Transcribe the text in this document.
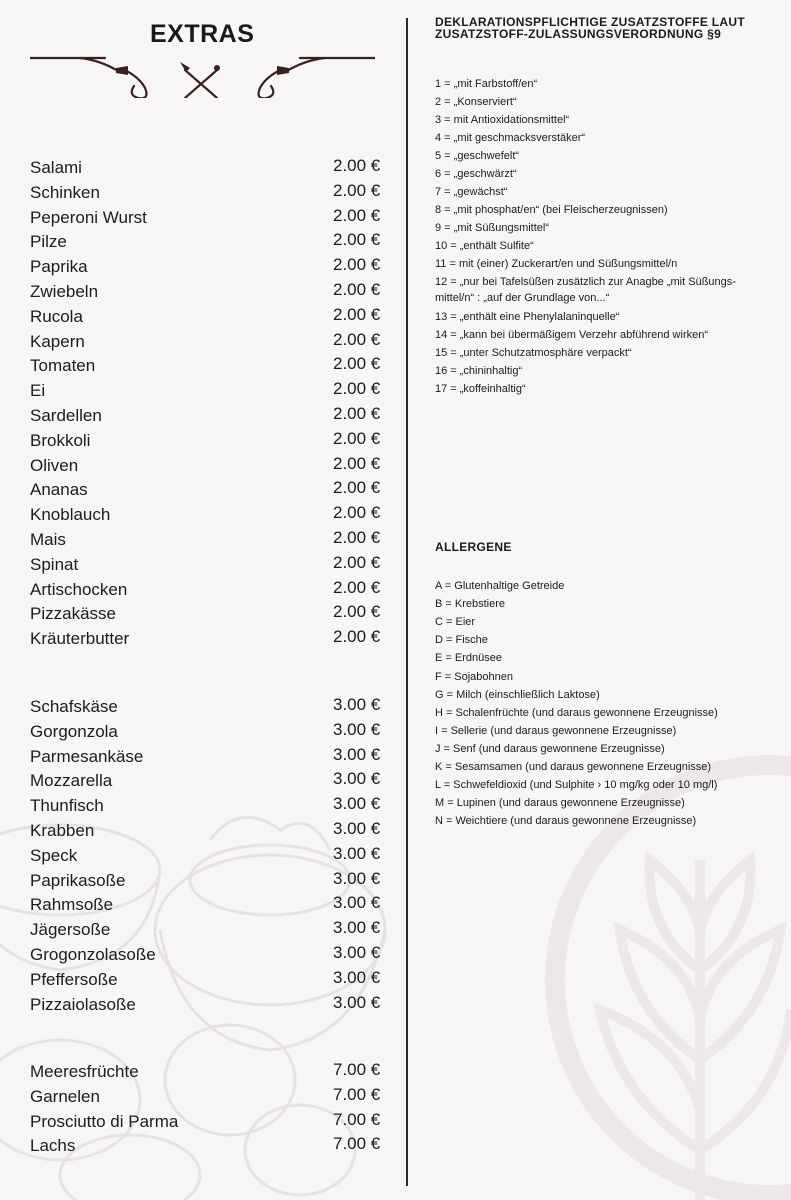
EXTRAS
Salami	2.00 €
Schinken	2.00 €
Peperoni Wurst	2.00 €
Pilze	2.00 €
Paprika	2.00 €
Zwiebeln	2.00 €
Rucola	2.00 €
Kapern	2.00 €
Tomaten	2.00 €
Ei	2.00 €
Sardellen	2.00 €
Brokkoli	2.00 €
Oliven	2.00 €
Ananas	2.00 €
Knoblauch	2.00 €
Mais	2.00 €
Spinat	2.00 €
Artischocken	2.00 €
Pizzakässe	2.00 €
Kräuterbutter	2.00 €
Schafskäse	3.00 €
Gorgonzola	3.00 €
Parmesankäse	3.00 €
Mozzarella	3.00 €
Thunfisch	3.00 €
Krabben	3.00 €
Speck	3.00 €
Paprikasoße	3.00 €
Rahmsoße	3.00 €
Jägersoße	3.00 €
Grogonzolasoße	3.00 €
Pfeffersoße	3.00 €
Pizzaiolasoße	3.00 €
Meeresfrüchte	7.00 €
Garnelen	7.00 €
Prosciutto di Parma	7.00 €
Lachs	7.00 €
DEKLARATIONSPFLICHTIGE ZUSATZSTOFFE LAUT
ZUSATZSTOFF-ZULASSUNGSVERORDNUNG §9
1 = „mit Farbstoff/en“
2 = „Konserviert“
3 = mit Antioxidationsmittel“
4 = „mit geschmacksverstäker“
5 = „geschwefelt“
6 = „geschwärzt“
7 = „gewächst“
8 = „mit phosphat/en“ (bei Fleischerzeugnissen)
9 = „mit Süßungsmittel“
10 = „enthält Sulfite“
11 = mit (einer) Zuckerart/en und Süßungsmittel/n
12 = „nur bei Tafelsüßen zusätzlich zur Anagbe „mit Süßungs-mittel/n“ : „auf der Grundlage von...“
13 = „enthält eine Phenylalaninquelle“
14 = „kann bei übermäßigem Verzehr abführend wirken“
15 = „unter Schutzatmosphäre verpackt“
16 = „chininhaltig“
17 = „koffeinhaltig“
ALLERGENE
A = Glutenhaltige Getreide
B = Krebstiere
C = Eier
D = Fische
E = Erdnüsee
F = Sojabohnen
G = Milch (einschließlich Laktose)
H = Schalenfrüchte (und daraus gewonnene Erzeugnisse)
I = Sellerie (und daraus gewonnene Erzeugnisse)
J = Senf (und daraus gewonnene Erzeugnisse)
K = Sesamsamen (und daraus gewonnene Erzeugnisse)
L = Schwefeldioxid (und Sulphite › 10 mg/kg oder 10 mg/l)
M = Lupinen (und daraus gewonnene Erzeugnisse)
N = Weichtiere (und daraus gewonnene Erzeugnisse)
